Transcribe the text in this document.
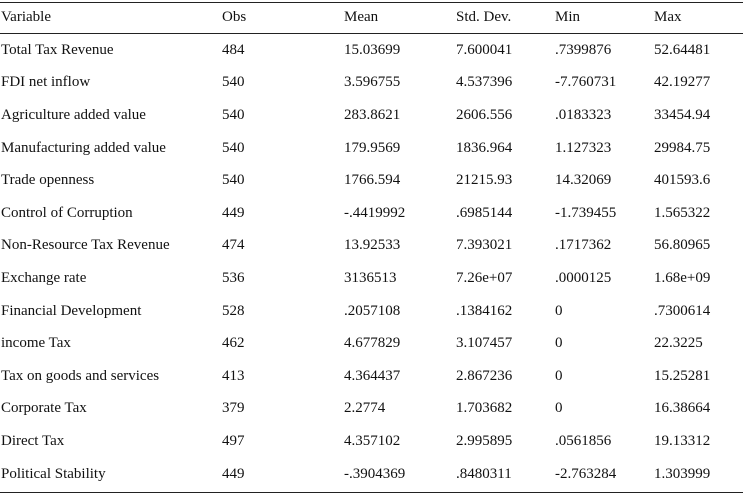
Variable	Obs	Mean	Std. Dev.	Min	Max
Total Tax Revenue	484	15.03699	7.600041	.7399876	52.64481
FDI net inflow	540	3.596755	4.537396	-7.760731	42.19277
Agriculture added value	540	283.8621	2606.556	.0183323	33454.94
Manufacturing added value	540	179.9569	1836.964	1.127323	29984.75
Trade openness	540	1766.594	21215.93	14.32069	401593.6
Control of Corruption	449	-.4419992	.6985144	-1.739455	1.565322
Non-Resource Tax Revenue	474	13.92533	7.393021	.1717362	56.80965
Exchange rate	536	3136513	7.26e+07	.0000125	1.68e+09
Financial Development	528	.2057108	.1384162	0	.7300614
income Tax	462	4.677829	3.107457	0	22.3225
Tax on goods and services	413	4.364437	2.867236	0	15.25281
Corporate Tax	379	2.2774	1.703682	0	16.38664
Direct Tax	497	4.357102	2.995895	.0561856	19.13312
Political Stability	449	-.3904369	.8480311	-2.763284	1.303999
